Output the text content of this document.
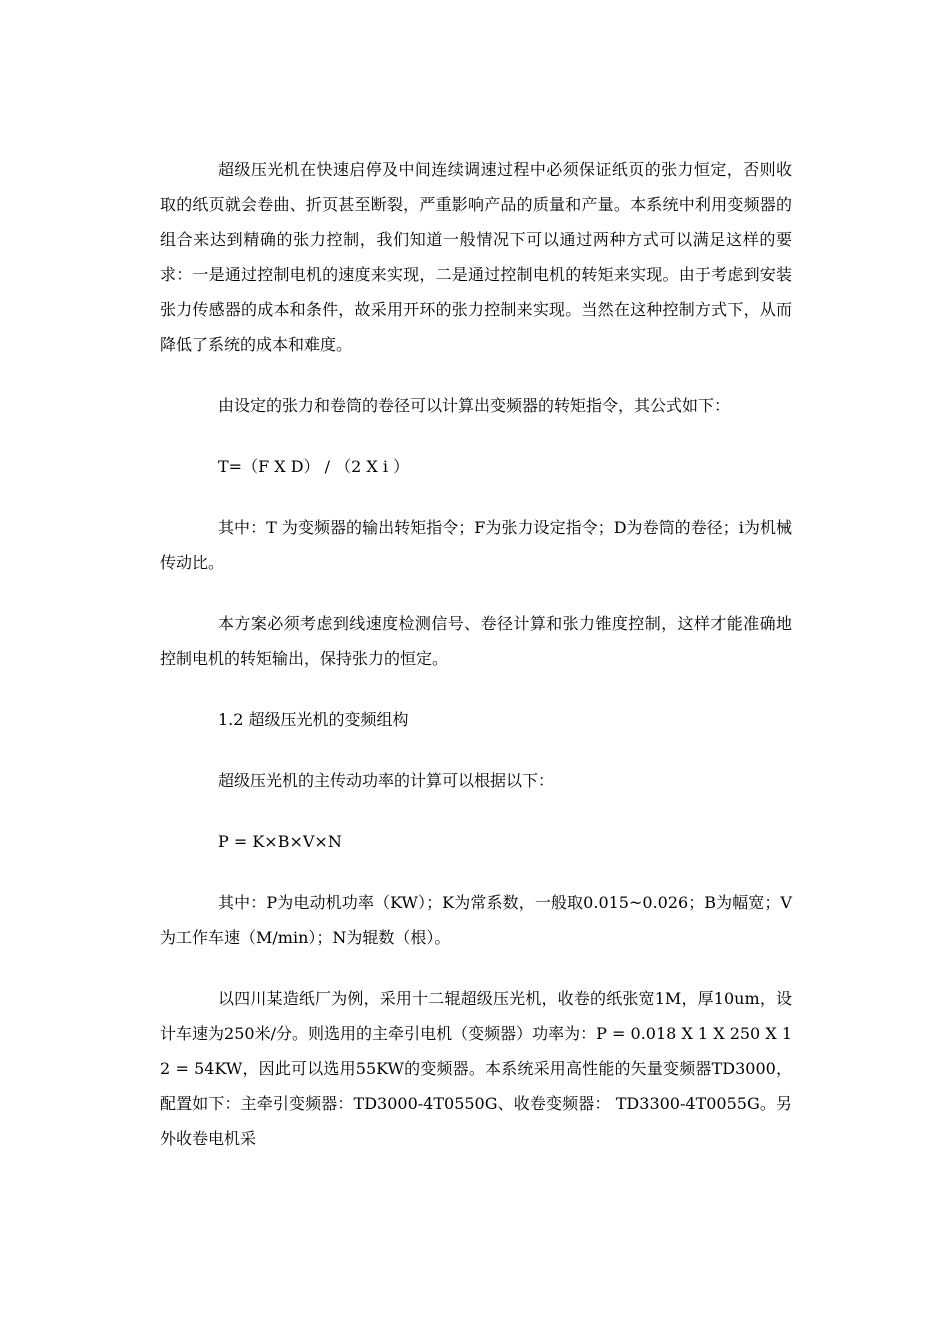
超级压光机在快速启停及中间连续调速过程中必须保证纸页的张力恒定，否则收取的纸页就会卷曲、折页甚至断裂，严重影响产品的质量和产量。本系统中利用变频器的组合来达到精确的张力控制，我们知道一般情况下可以通过两种方式可以满足这样的要求：一是通过控制电机的速度来实现，二是通过控制电机的转矩来实现。由于考虑到安装张力传感器的成本和条件，故采用开环的张力控制来实现。当然在这种控制方式下，从而降低了系统的成本和难度。

由设定的张力和卷筒的卷径可以计算出变频器的转矩指令，其公式如下：

T=（F X D） / （2 X i ）

其中：T 为变频器的输出转矩指令；F为张力设定指令；D为卷筒的卷径；i为机械传动比。

本方案必须考虑到线速度检测信号、卷径计算和张力锥度控制，这样才能准确地控制电机的转矩输出，保持张力的恒定。

1.2 超级压光机的变频组构

超级压光机的主传动功率的计算可以根据以下：

P = K×B×V×N

其中：P为电动机功率（KW）；K为常系数，一般取0.015~0.026；B为幅宽；V为工作车速（M/min）；N为辊数（根）。

以四川某造纸厂为例，采用十二辊超级压光机，收卷的纸张宽1M，厚10um，设计车速为250米/分。则选用的主牵引电机（变频器）功率为：P = 0.018 X 1 X 250 X 12 = 54KW，因此可以选用55KW的变频器。本系统采用高性能的矢量变频器TD3000，配置如下：主牵引变频器：TD3000-4T0550G、收卷变频器： TD3300-4T0055G。另外收卷电机采
